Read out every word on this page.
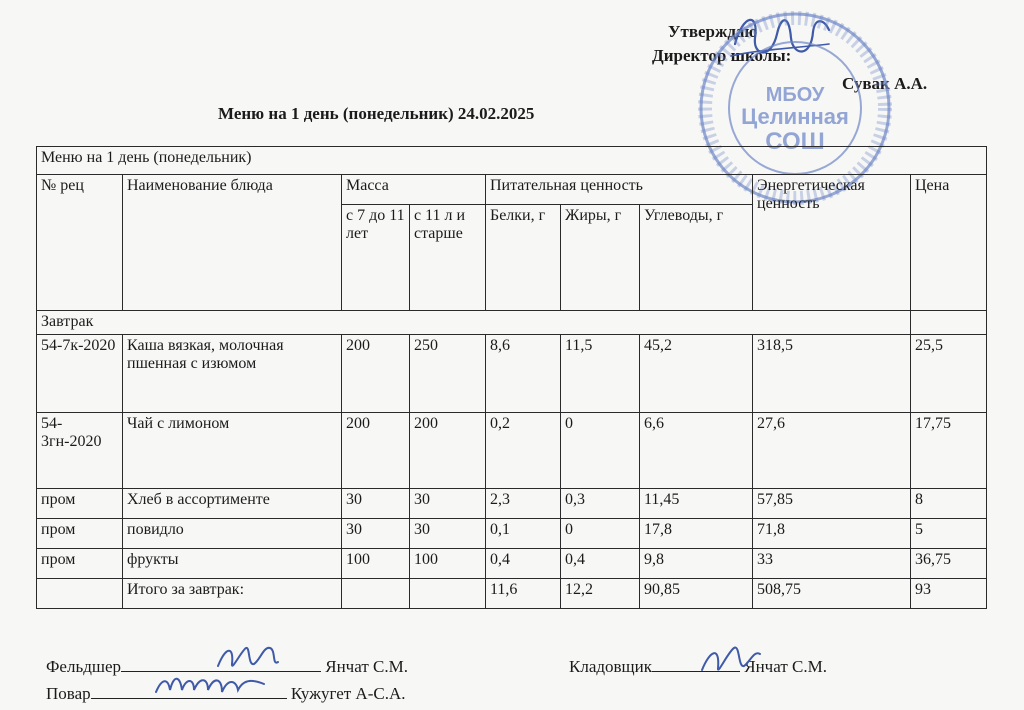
Утверждаю
Директор школы:
Сувак А.А.
МБОУ
Целинная
СОШ
Меню на 1 день (понедельник) 24.02.2025
Меню на 1 день (понедельник)								
№ рец	Наименование блюда	Масса		Питательная ценность			Энергетическая ценность	Цена
		с 7 до 11 лет	с 11 л и старше	Белки, г	Жиры, г	Углеводы, г		
Завтрак								
54-7к-2020	Каша вязкая, молочная пшенная с изюмом	200	250	8,6	11,5	45,2	318,5	25,5
54-3гн-2020	Чай с лимоном	200	200	0,2	0	6,6	27,6	17,75
пром	Хлеб в ассортименте	30	30	2,3	0,3	11,45	57,85	8
пром	повидло	30	30	0,1	0	17,8	71,8	5
пром	фрукты	100	100	0,4	0,4	9,8	33	36,75
	Итого за завтрак:			11,6	12,2	90,85	508,75	93
Фельдшер	Янчат С.М.	Кладовщик	Янчат С.М.
Повар	Кужугет А-С.А.
